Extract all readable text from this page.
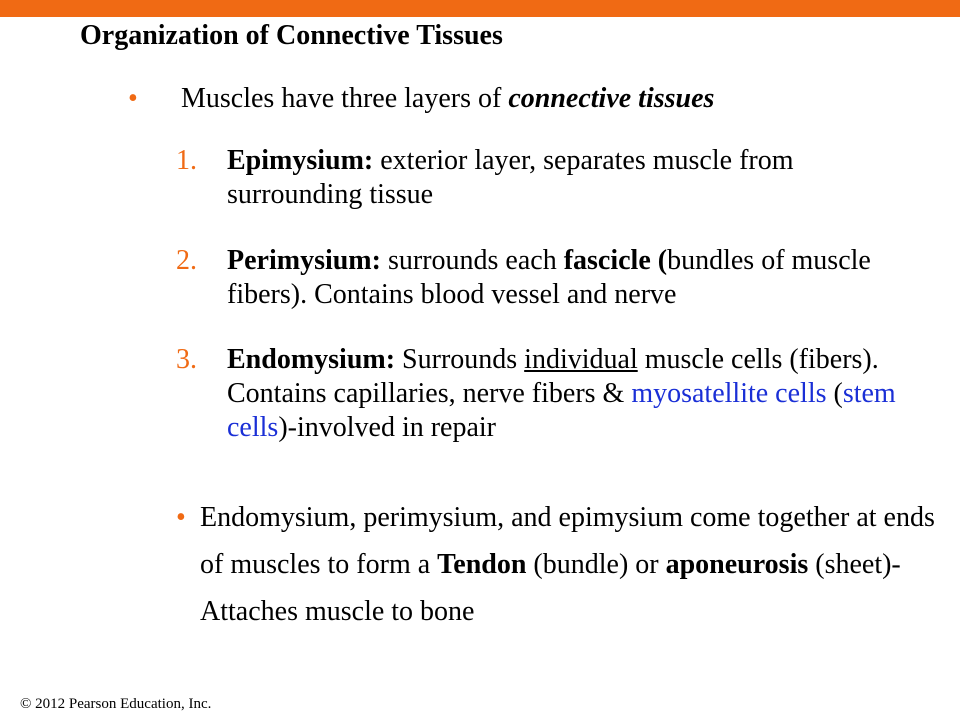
Organization of Connective Tissues
• Muscles have three layers of connective tissues
1. Epimysium: exterior layer, separates muscle from surrounding tissue
2. Perimysium: surrounds each fascicle (bundles of muscle fibers). Contains blood vessel and nerve
3. Endomysium: Surrounds individual muscle cells (fibers). Contains capillaries, nerve fibers & myosatellite cells (stem cells)-involved in repair
• Endomysium, perimysium, and epimysium come together at ends of muscles to form a Tendon (bundle) or aponeurosis (sheet)-Attaches muscle to bone
© 2012 Pearson Education, Inc.
